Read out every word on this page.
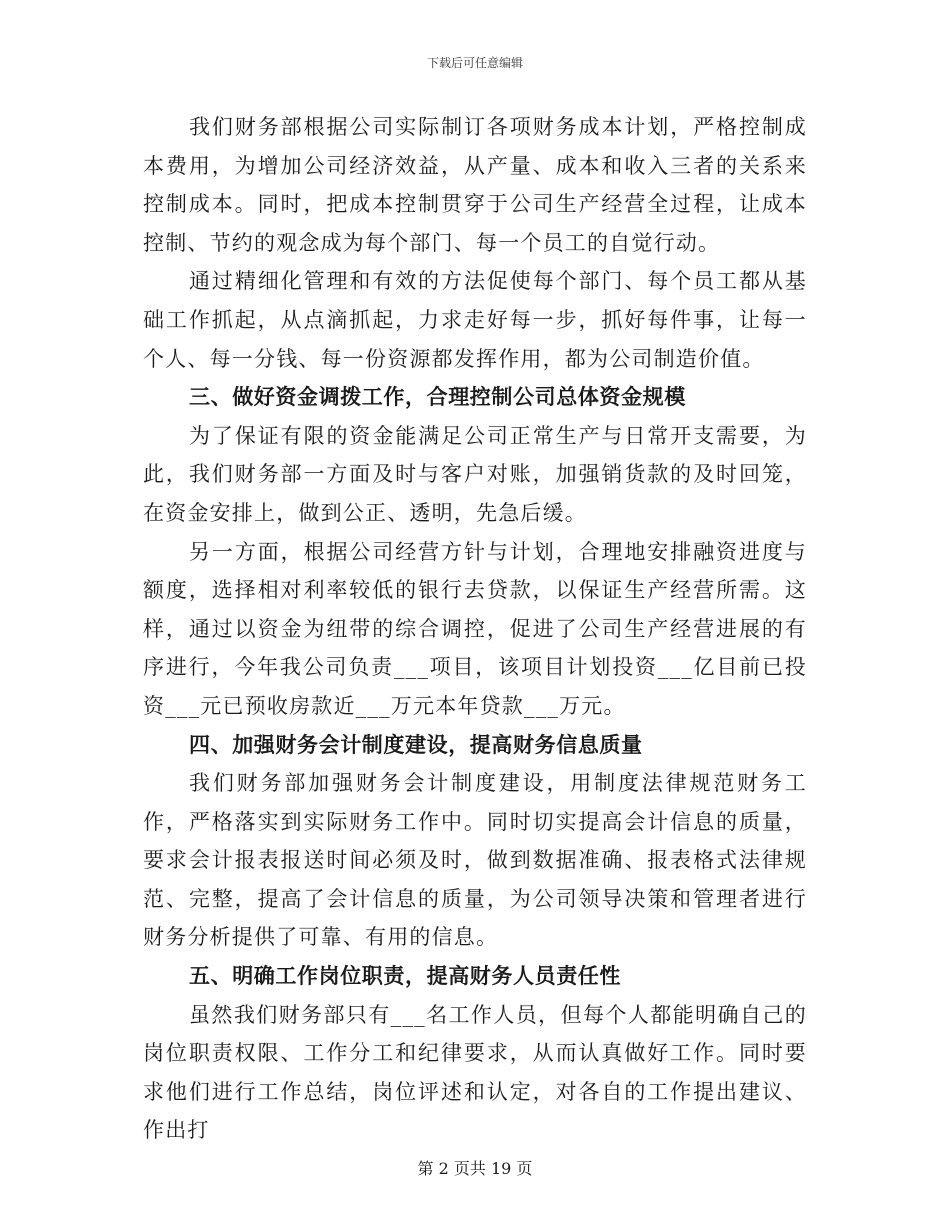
下载后可任意编辑

我们财务部根据公司实际制订各项财务成本计划，严格控制成本费用，为增加公司经济效益，从产量、成本和收入三者的关系来控制成本。同时，把成本控制贯穿于公司生产经营全过程，让成本控制、节约的观念成为每个部门、每一个员工的自觉行动。

通过精细化管理和有效的方法促使每个部门、每个员工都从基础工作抓起，从点滴抓起，力求走好每一步，抓好每件事，让每一个人、每一分钱、每一份资源都发挥作用，都为公司制造价值。

三、做好资金调拨工作，合理控制公司总体资金规模

为了保证有限的资金能满足公司正常生产与日常开支需要，为此，我们财务部一方面及时与客户对账，加强销货款的及时回笼，在资金安排上，做到公正、透明，先急后缓。

另一方面，根据公司经营方针与计划，合理地安排融资进度与额度，选择相对利率较低的银行去贷款，以保证生产经营所需。这样，通过以资金为纽带的综合调控，促进了公司生产经营进展的有序进行，今年我公司负责___项目，该项目计划投资___亿目前已投资___元已预收房款近___万元本年贷款___万元。

四、加强财务会计制度建设，提高财务信息质量

我们财务部加强财务会计制度建设，用制度法律规范财务工作，严格落实到实际财务工作中。同时切实提高会计信息的质量，要求会计报表报送时间必须及时，做到数据准确、报表格式法律规范、完整，提高了会计信息的质量，为公司领导决策和管理者进行财务分析提供了可靠、有用的信息。

五、明确工作岗位职责，提高财务人员责任性

虽然我们财务部只有___名工作人员，但每个人都能明确自己的岗位职责权限、工作分工和纪律要求，从而认真做好工作。同时要求他们进行工作总结，岗位评述和认定，对各自的工作提出建议、作出打

第 2 页共 19 页
